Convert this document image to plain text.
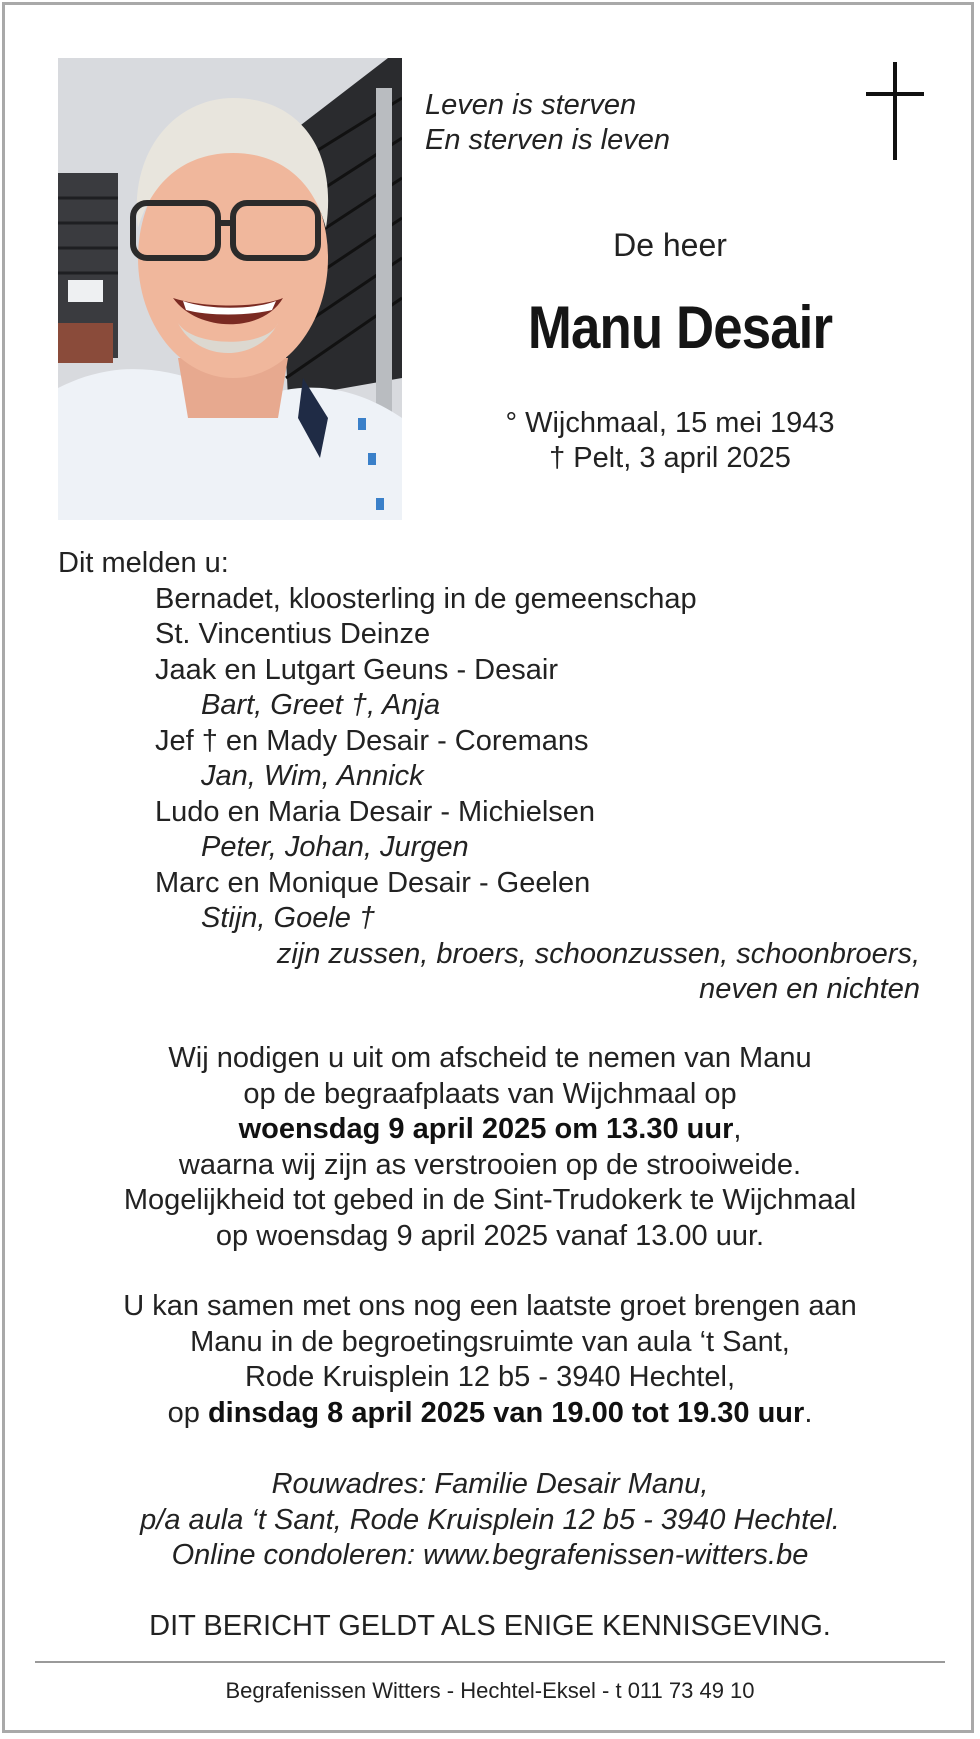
Leven is sterven
En sterven is leven
De heer
Manu Desair
° Wijchmaal, 15 mei 1943
† Pelt, 3 april 2025
Dit melden u:
Bernadet, kloosterling in de gemeenschap
St. Vincentius Deinze
Jaak en Lutgart Geuns - Desair
Bart, Greet †, Anja
Jef † en Mady Desair - Coremans
Jan, Wim, Annick
Ludo en Maria Desair - Michielsen
Peter, Johan, Jurgen
Marc en Monique Desair - Geelen
Stijn, Goele †
zijn zussen, broers, schoonzussen, schoonbroers,
neven en nichten
Wij nodigen u uit om afscheid te nemen van Manu
op de begraafplaats van Wijchmaal op
woensdag 9 april 2025 om 13.30 uur,
waarna wij zijn as verstrooien op de strooiweide.
Mogelijkheid tot gebed in de Sint-Trudokerk te Wijchmaal
op woensdag 9 april 2025 vanaf 13.00 uur.
U kan samen met ons nog een laatste groet brengen aan
Manu in de begroetingsruimte van aula ‘t Sant,
Rode Kruisplein 12 b5 - 3940 Hechtel,
op dinsdag 8 april 2025 van 19.00 tot 19.30 uur.
Rouwadres: Familie Desair Manu,
p/a aula ‘t Sant, Rode Kruisplein 12 b5 - 3940 Hechtel.
Online condoleren: www.begrafenissen-witters.be
DIT BERICHT GELDT ALS ENIGE KENNISGEVING.
Begrafenissen Witters - Hechtel-Eksel - t 011 73 49 10
